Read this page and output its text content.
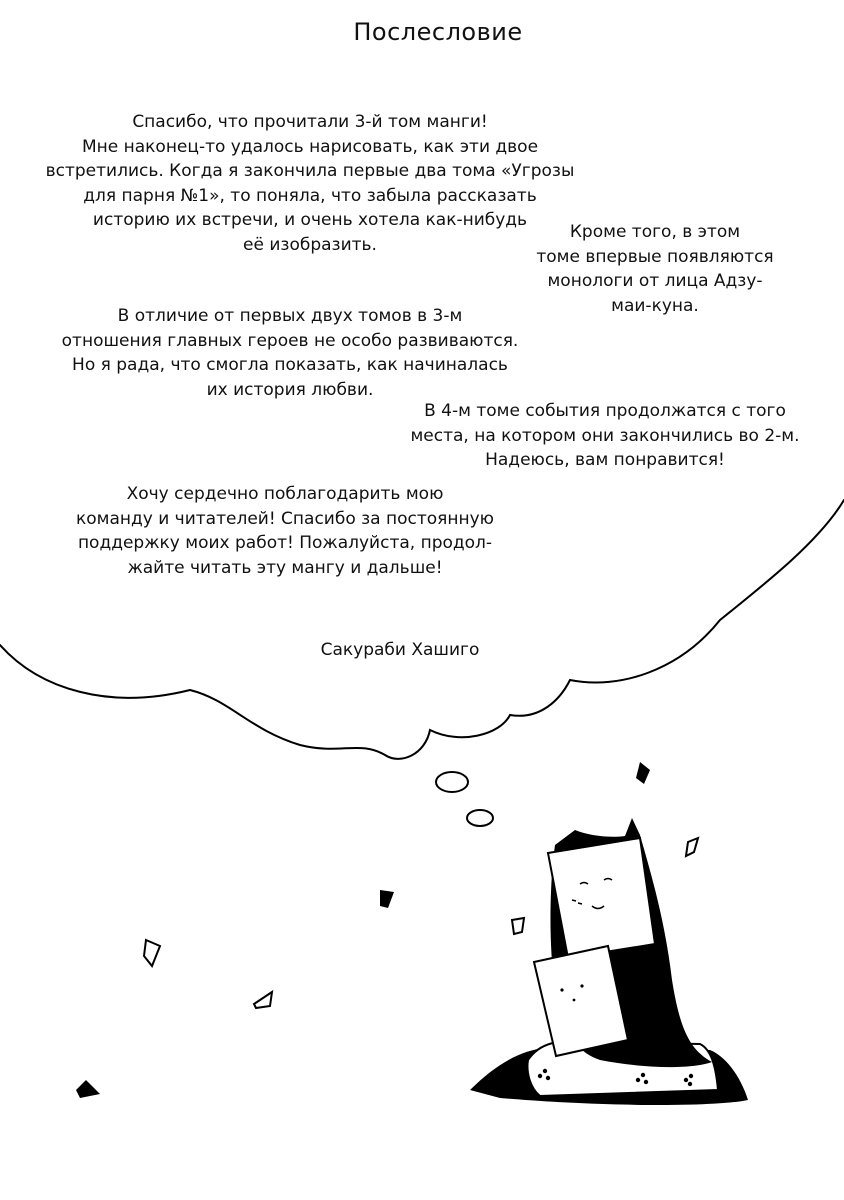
Послесловие
Спасибо, что прочитали 3-й том манги!
Мне наконец-то удалось нарисовать, как эти двое
встретились. Когда я закончила первые два тома «Угрозы
для парня №1», то поняла, что забыла рассказать
историю их встречи, и очень хотела как-нибудь
её изобразить.
Кроме того, в этом
томе впервые появляются
монологи от лица Адзу-
маи-куна.
В отличие от первых двух томов в 3-м
отношения главных героев не особо развиваются.
Но я рада, что смогла показать, как начиналась
их история любви.
В 4-м томе события продолжатся с того
места, на котором они закончились во 2-м.
Надеюсь, вам понравится!
Хочу сердечно поблагодарить мою
команду и читателей! Спасибо за постоянную
поддержку моих работ! Пожалуйста, продол-
жайте читать эту мангу и дальше!
Сакураби Хашиго
